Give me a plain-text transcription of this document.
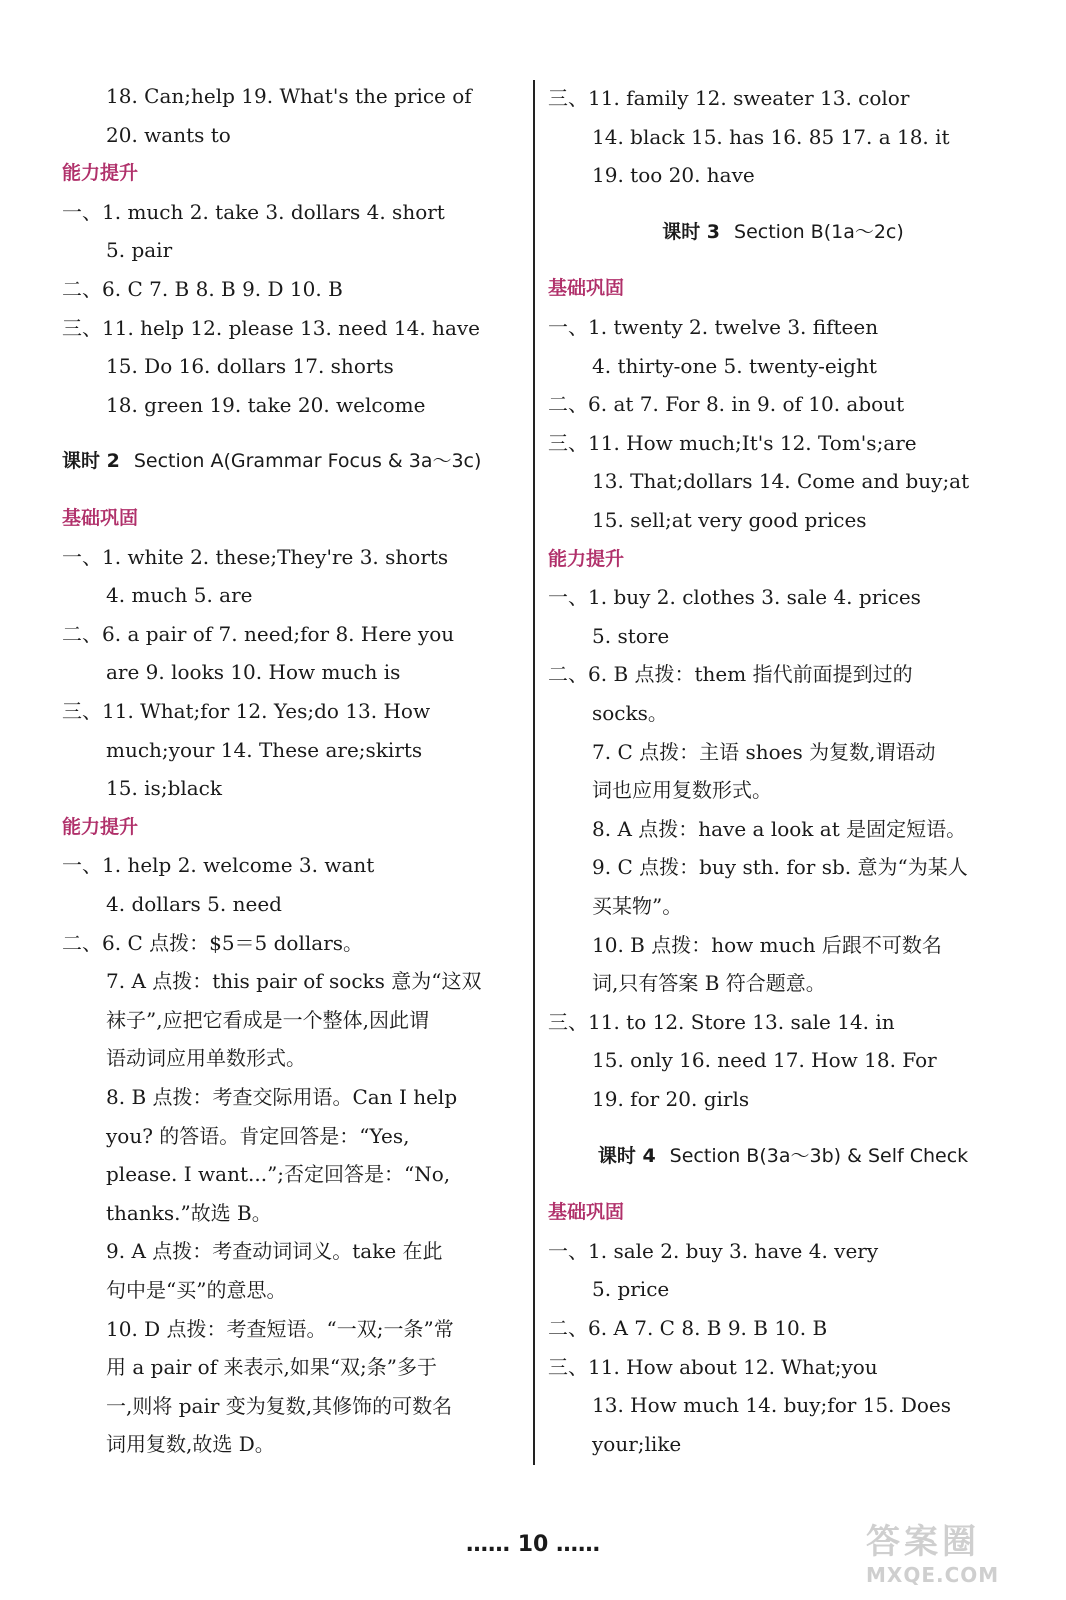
18. Can;help 19. What's the price of
20. wants to
能力提升
一、1. much 2. take 3. dollars 4. short
5. pair
二、6. C 7. B 8. B 9. D 10. B
三、11. help 12. please 13. need 14. have
15. Do 16. dollars 17. shorts
18. green 19. take 20. welcome
课时 2 Section A(Grammar Focus & 3a～3c)
基础巩固
一、1. white 2. these;They're 3. shorts
4. much 5. are
二、6. a pair of 7. need;for 8. Here you
are 9. looks 10. How much is
三、11. What;for 12. Yes;do 13. How
much;your 14. These are;skirts
15. is;black
能力提升
一、1. help 2. welcome 3. want
4. dollars 5. need
二、6. C 点拨：$5＝5 dollars。
7. A 点拨：this pair of socks 意为“这双
袜子”,应把它看成是一个整体,因此谓
语动词应用单数形式。
8. B 点拨：考查交际用语。Can I help
you? 的答语。肯定回答是：“Yes,
please. I want...”;否定回答是：“No,
thanks.”故选 B。
9. A 点拨：考查动词词义。take 在此
句中是“买”的意思。
10. D 点拨：考查短语。“一双;一条”常
用 a pair of 来表示,如果“双;条”多于
一,则将 pair 变为复数,其修饰的可数名
词用复数,故选 D。
三、11. family 12. sweater 13. color
14. black 15. has 16. 85 17. a 18. it
19. too 20. have
课时 3 Section B(1a～2c)
基础巩固
一、1. twenty 2. twelve 3. fifteen
4. thirty-one 5. twenty-eight
二、6. at 7. For 8. in 9. of 10. about
三、11. How much;It's 12. Tom's;are
13. That;dollars 14. Come and buy;at
15. sell;at very good prices
能力提升
一、1. buy 2. clothes 3. sale 4. prices
5. store
二、6. B 点拨：them 指代前面提到过的
socks。
7. C 点拨：主语 shoes 为复数,谓语动
词也应用复数形式。
8. A 点拨：have a look at 是固定短语。
9. C 点拨：buy sth. for sb. 意为“为某人
买某物”。
10. B 点拨：how much 后跟不可数名
词,只有答案 B 符合题意。
三、11. to 12. Store 13. sale 14. in
15. only 16. need 17. How 18. For
19. for 20. girls
课时 4 Section B(3a～3b) & Self Check
基础巩固
一、1. sale 2. buy 3. have 4. very
5. price
二、6. A 7. C 8. B 9. B 10. B
三、11. How about 12. What;you
13. How much 14. buy;for 15. Does
your;like
…… 10 ……	答案圈
MXQE.COM
